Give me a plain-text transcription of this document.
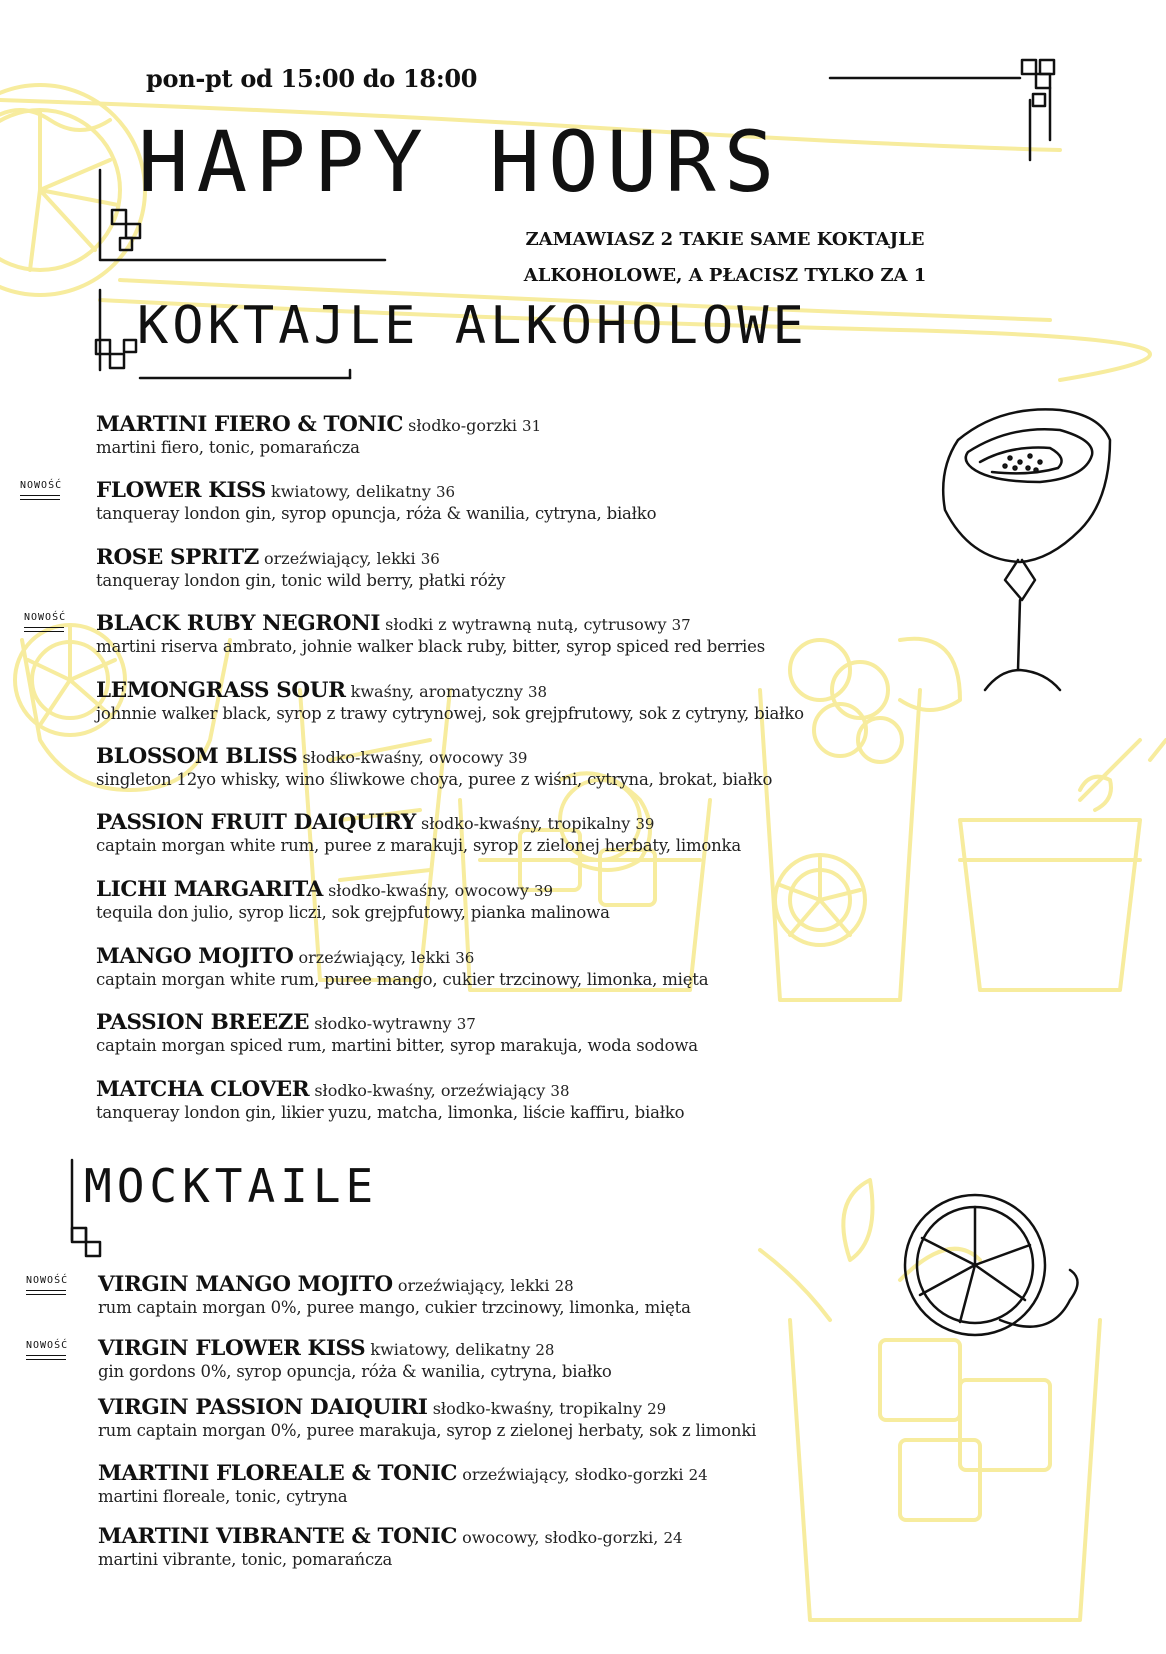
pon-pt od 15:00 do 18:00
HAPPY HOURS
ZAMAWIASZ 2 TAKIE SAME KOKTAJLE
ALKOHOLOWE, A PŁACISZ TYLKO ZA 1
KOKTAJLE ALKOHOLOWE
MARTINI FIERO & TONIC słodko-gorzki 31
martini fiero, tonic, pomarańcza
NOWOŚĆ FLOWER KISS kwiatowy, delikatny 36
tanqueray london gin, syrop opuncja, róża & wanilia, cytryna, białko
ROSE SPRITZ orzeźwiający, lekki 36
tanqueray london gin, tonic wild berry, płatki róży
NOWOŚĆ BLACK RUBY NEGRONI słodki z wytrawną nutą, cytrusowy 37
martini riserva ambrato, johnie walker black ruby, bitter, syrop spiced red berries
LEMONGRASS SOUR kwaśny, aromatyczny 38
johnnie walker black, syrop z trawy cytrynowej, sok grejpfrutowy, sok z cytryny, białko
BLOSSOM BLISS słodko-kwaśny, owocowy 39
singleton 12yo whisky, wino śliwkowe choya, puree z wiśni, cytryna, brokat, białko
PASSION FRUIT DAIQUIRY słodko-kwaśny, tropikalny 39
captain morgan white rum, puree z marakuji, syrop z zielonej herbaty, limonka
LICHI MARGARITA słodko-kwaśny, owocowy 39
tequila don julio, syrop liczi, sok grejpfutowy, pianka malinowa
MANGO MOJITO orzeźwiający, lekki 36
captain morgan white rum, puree mango, cukier trzcinowy, limonka, mięta
PASSION BREEZE słodko-wytrawny 37
captain morgan spiced rum, martini bitter, syrop marakuja, woda sodowa
MATCHA CLOVER słodko-kwaśny, orzeźwiający 38
tanqueray london gin, likier yuzu, matcha, limonka, liście kaffiru, białko
MOCKTAILE
NOWOŚĆ VIRGIN MANGO MOJITO orzeźwiający, lekki 28
rum captain morgan 0%, puree mango, cukier trzcinowy, limonka, mięta
NOWOŚĆ VIRGIN FLOWER KISS kwiatowy, delikatny 28
gin gordons 0%, syrop opuncja, róża & wanilia, cytryna, białko
VIRGIN PASSION DAIQUIRI słodko-kwaśny, tropikalny 29
rum captain morgan 0%, puree marakuja, syrop z zielonej herbaty, sok z limonki
MARTINI FLOREALE & TONIC orzeźwiający, słodko-gorzki 24
martini floreale, tonic, cytryna
MARTINI VIBRANTE & TONIC owocowy, słodko-gorzki, 24
martini vibrante, tonic, pomarańcza
